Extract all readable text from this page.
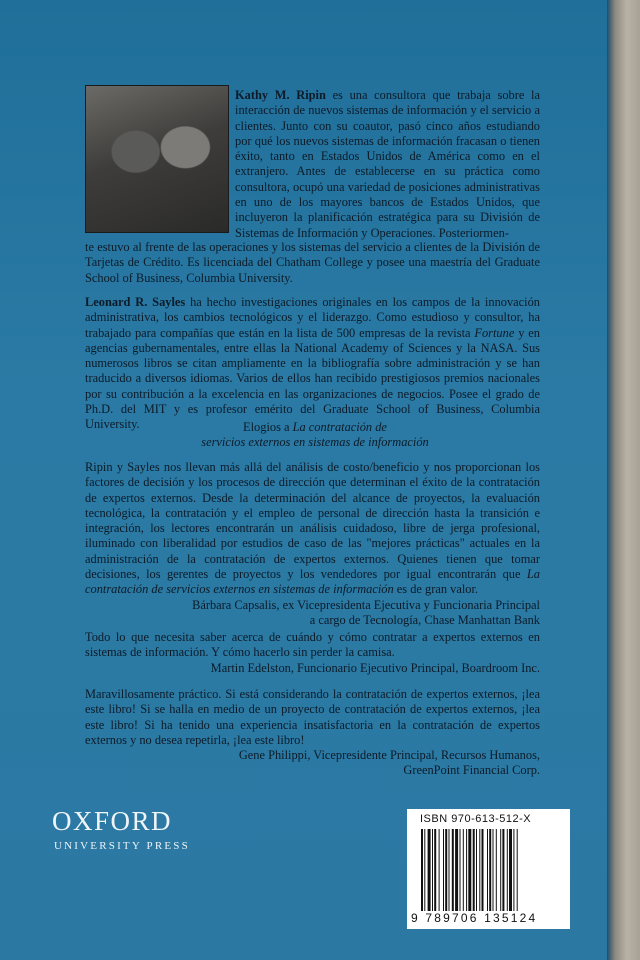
Kathy M. Ripin es una consultora que trabaja sobre la interacción de nuevos sistemas de información y el servicio a clientes. Junto con su coautor, pasó cinco años estudiando por qué los nuevos sistemas de información fracasan o tienen éxito, tanto en Estados Unidos de América como en el extranjero. Antes de establecerse en su práctica como consultora, ocupó una variedad de posiciones administrativas en uno de los mayores bancos de Estados Unidos, que incluyeron la planificación estratégica para su División de Sistemas de Información y Operaciones. Posteriormen-
te estuvo al frente de las operaciones y los sistemas del servicio a clientes de la División de Tarjetas de Crédito. Es licenciada del Chatham College y posee una maestría del Graduate School of Business, Columbia University.
Leonard R. Sayles ha hecho investigaciones originales en los campos de la innovación administrativa, los cambios tecnológicos y el liderazgo. Como estudioso y consultor, ha trabajado para compañías que están en la lista de 500 empresas de la revista Fortune y en agencias gubernamentales, entre ellas la National Academy of Sciences y la NASA. Sus numerosos libros se citan ampliamente en la bibliografía sobre administración y se han traducido a diversos idiomas. Varios de ellos han recibido prestigiosos premios nacionales por su contribución a la excelencia en las organizaciones de negocios. Posee el grado de Ph.D. del MIT y es profesor emérito del Graduate School of Business, Columbia University.	Elogios a La contratación de
servicios externos en sistemas de información
Ripin y Sayles nos llevan más allá del análisis de costo/beneficio y nos proporcionan los factores de decisión y los procesos de dirección que determinan el éxito de la contratación de expertos externos. Desde la determinación del alcance de proyectos, la evaluación tecnológica, la contratación y el empleo de personal de dirección hasta la transición e integración, los lectores encontrarán un análisis cuidadoso, libre de jerga profesional, iluminado con liberalidad por estudios de caso de las "mejores prácticas" actuales en la administración de la contratación de expertos externos. Quienes tienen que tomar decisiones, los gerentes de proyectos y los vendedores por igual encontrarán que La contratación de servicios externos en sistemas de información es de gran valor.
Bárbara Capsalis, ex Vicepresidenta Ejecutiva y Funcionaria Principal
a cargo de Tecnología, Chase Manhattan Bank
Todo lo que necesita saber acerca de cuándo y cómo contratar a expertos externos en sistemas de información. Y cómo hacerlo sin perder la camisa.
Martin Edelston, Funcionario Ejecutivo Principal, Boardroom Inc.
Maravillosamente práctico. Si está considerando la contratación de expertos externos, ¡lea este libro! Si se halla en medio de un proyecto de contratación de expertos externos, ¡lea este libro! Si ha tenido una experiencia insatisfactoria en la contratación de expertos externos y no desea repetirla, ¡lea este libro!
Gene Philippi, Vicepresidente Principal, Recursos Humanos,
GreenPoint Financial Corp.
OXFORD
UNIVERSITY PRESS
ISBN 970-613-512-X
9 789706 135124
